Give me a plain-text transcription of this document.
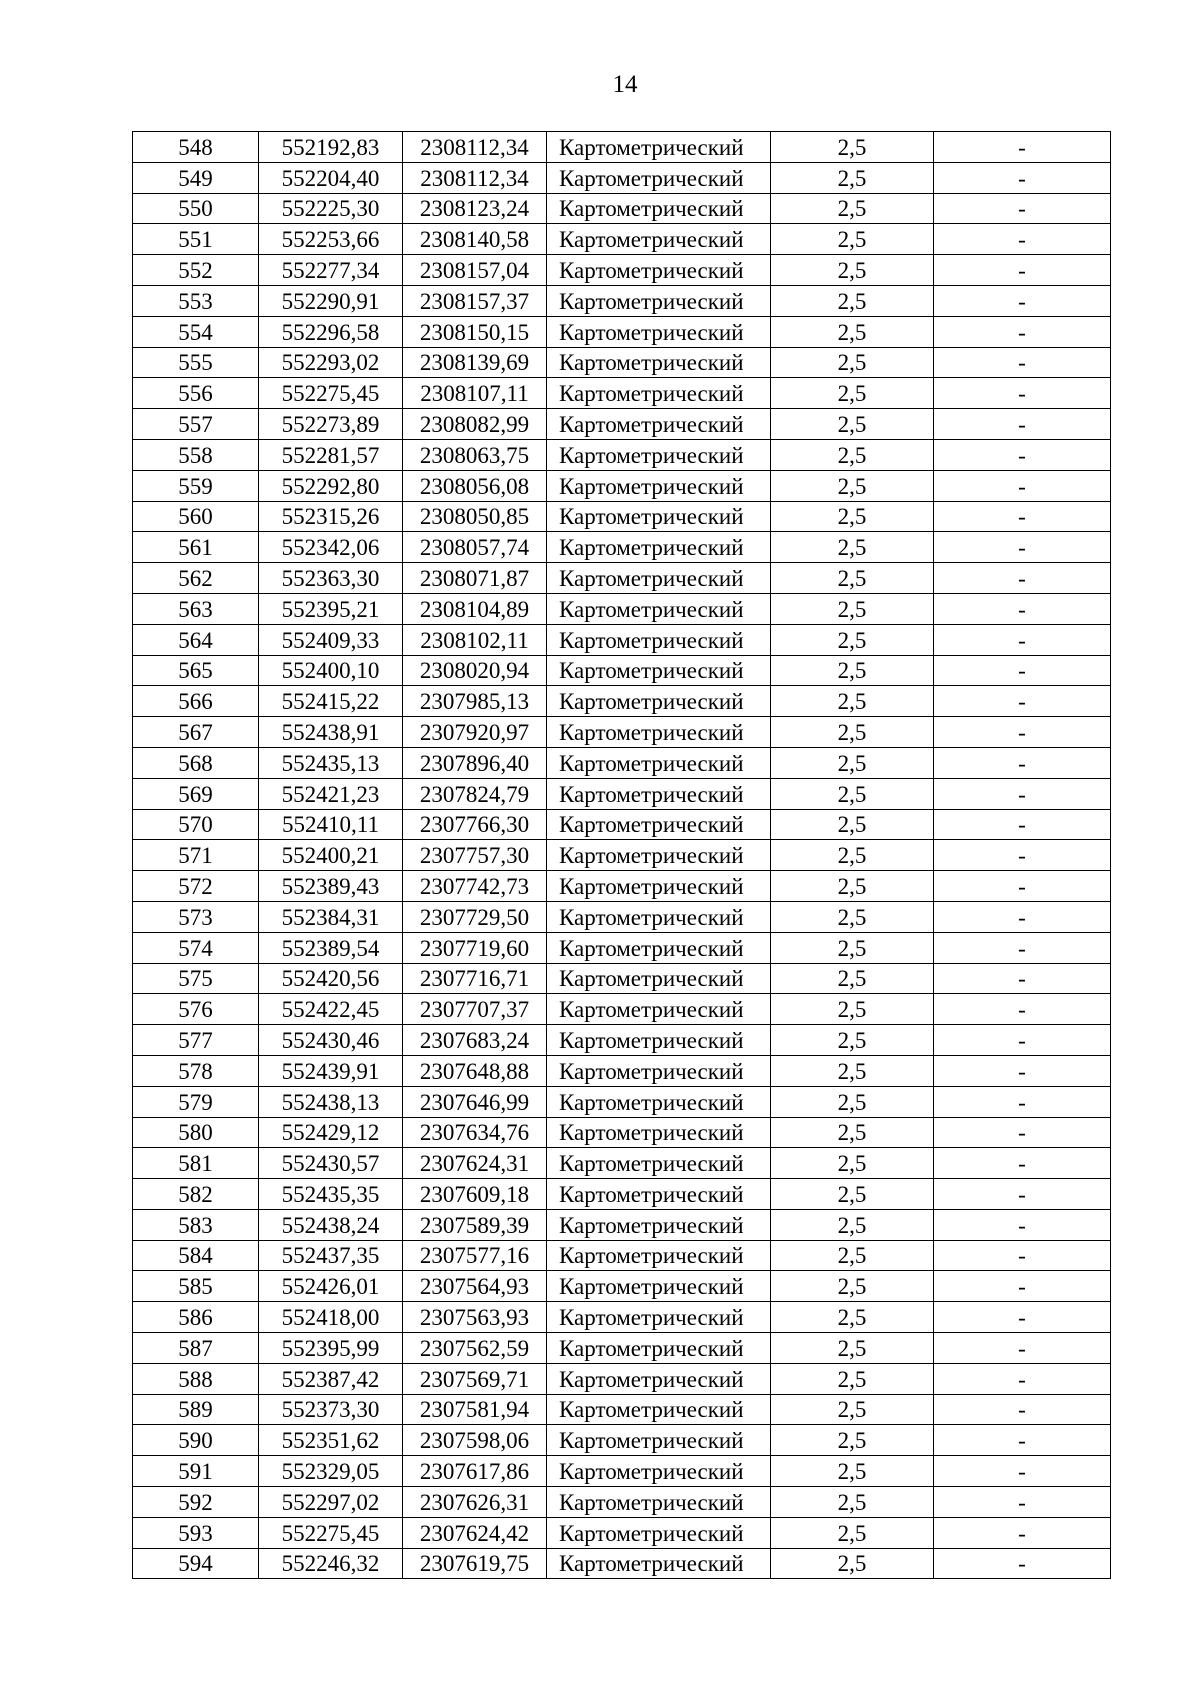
14
548	552192,83	2308112,34	Картометрический	2,5	-
549	552204,40	2308112,34	Картометрический	2,5	-
550	552225,30	2308123,24	Картометрический	2,5	-
551	552253,66	2308140,58	Картометрический	2,5	-
552	552277,34	2308157,04	Картометрический	2,5	-
553	552290,91	2308157,37	Картометрический	2,5	-
554	552296,58	2308150,15	Картометрический	2,5	-
555	552293,02	2308139,69	Картометрический	2,5	-
556	552275,45	2308107,11	Картометрический	2,5	-
557	552273,89	2308082,99	Картометрический	2,5	-
558	552281,57	2308063,75	Картометрический	2,5	-
559	552292,80	2308056,08	Картометрический	2,5	-
560	552315,26	2308050,85	Картометрический	2,5	-
561	552342,06	2308057,74	Картометрический	2,5	-
562	552363,30	2308071,87	Картометрический	2,5	-
563	552395,21	2308104,89	Картометрический	2,5	-
564	552409,33	2308102,11	Картометрический	2,5	-
565	552400,10	2308020,94	Картометрический	2,5	-
566	552415,22	2307985,13	Картометрический	2,5	-
567	552438,91	2307920,97	Картометрический	2,5	-
568	552435,13	2307896,40	Картометрический	2,5	-
569	552421,23	2307824,79	Картометрический	2,5	-
570	552410,11	2307766,30	Картометрический	2,5	-
571	552400,21	2307757,30	Картометрический	2,5	-
572	552389,43	2307742,73	Картометрический	2,5	-
573	552384,31	2307729,50	Картометрический	2,5	-
574	552389,54	2307719,60	Картометрический	2,5	-
575	552420,56	2307716,71	Картометрический	2,5	-
576	552422,45	2307707,37	Картометрический	2,5	-
577	552430,46	2307683,24	Картометрический	2,5	-
578	552439,91	2307648,88	Картометрический	2,5	-
579	552438,13	2307646,99	Картометрический	2,5	-
580	552429,12	2307634,76	Картометрический	2,5	-
581	552430,57	2307624,31	Картометрический	2,5	-
582	552435,35	2307609,18	Картометрический	2,5	-
583	552438,24	2307589,39	Картометрический	2,5	-
584	552437,35	2307577,16	Картометрический	2,5	-
585	552426,01	2307564,93	Картометрический	2,5	-
586	552418,00	2307563,93	Картометрический	2,5	-
587	552395,99	2307562,59	Картометрический	2,5	-
588	552387,42	2307569,71	Картометрический	2,5	-
589	552373,30	2307581,94	Картометрический	2,5	-
590	552351,62	2307598,06	Картометрический	2,5	-
591	552329,05	2307617,86	Картометрический	2,5	-
592	552297,02	2307626,31	Картометрический	2,5	-
593	552275,45	2307624,42	Картометрический	2,5	-
594	552246,32	2307619,75	Картометрический	2,5	-
